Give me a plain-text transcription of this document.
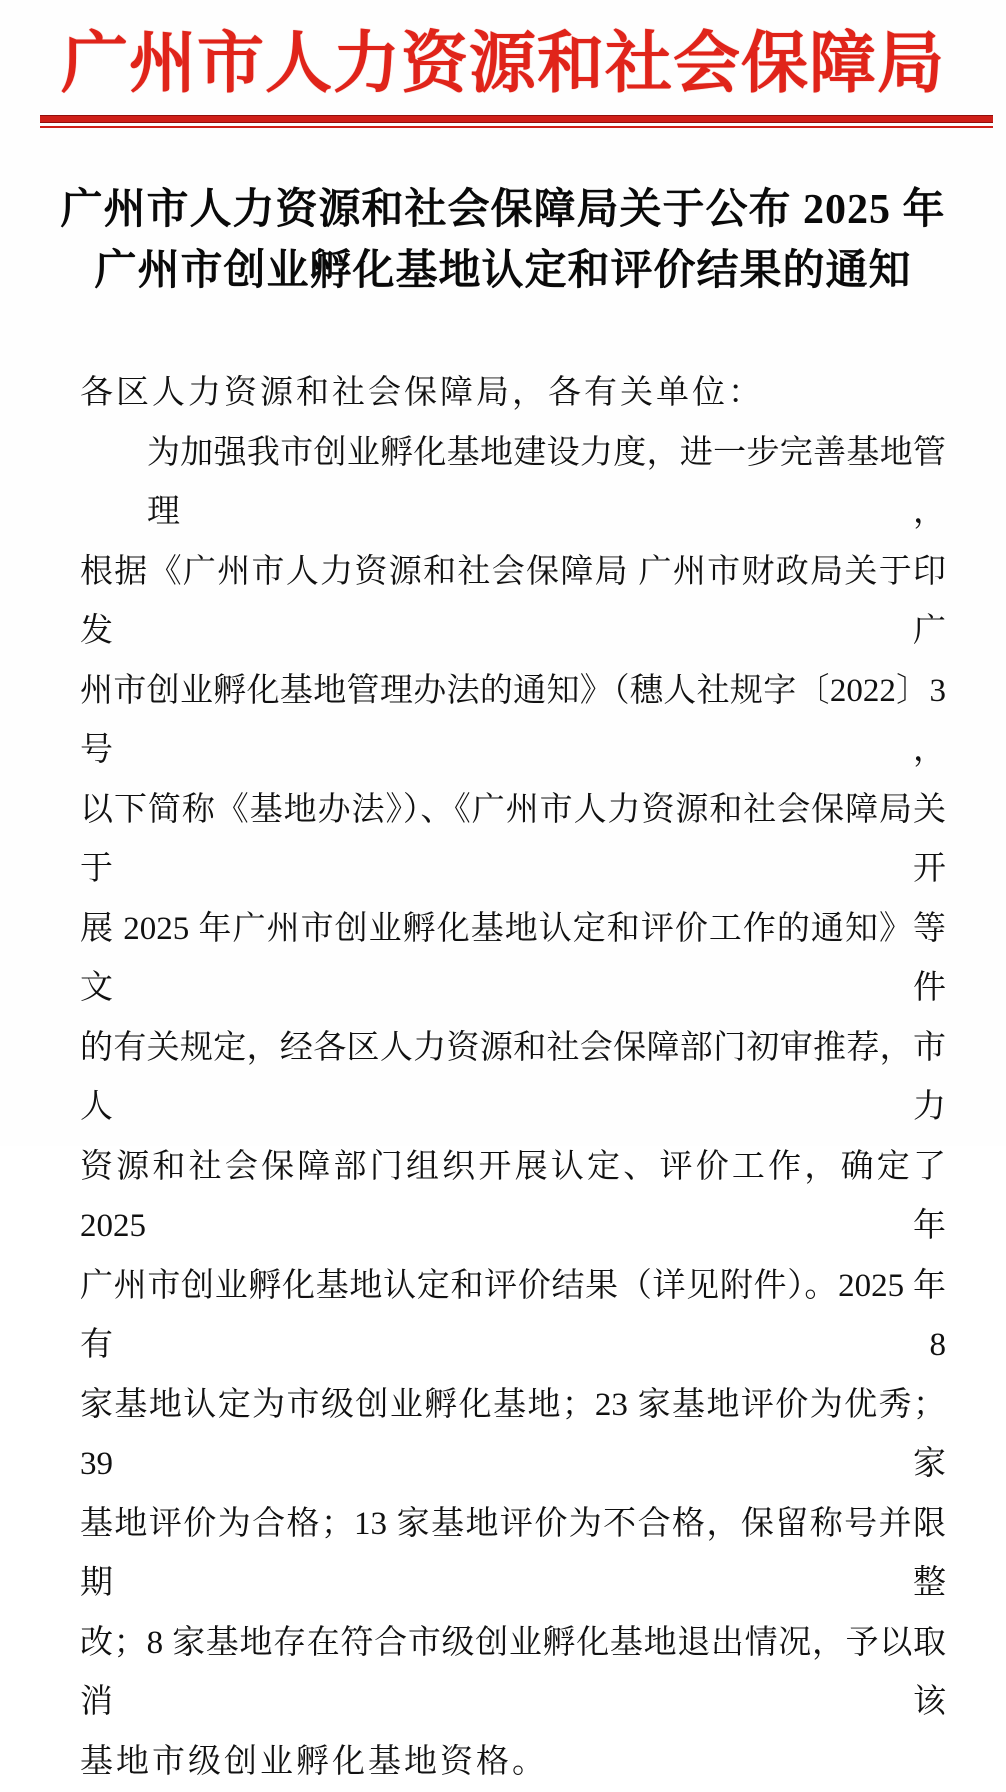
广州市人力资源和社会保障局
广州市人力资源和社会保障局关于公布 2025 年
广州市创业孵化基地认定和评价结果的通知

各区人力资源和社会保障局，各有关单位：

为加强我市创业孵化基地建设力度，进一步完善基地管理，

根据《广州市人力资源和社会保障局 广州市财政局关于印发广

州市创业孵化基地管理办法的通知》（穗人社规字〔2022〕3 号，

以下简称《基地办法》）、《广州市人力资源和社会保障局关于开

展 2025 年广州市创业孵化基地认定和评价工作的通知》等文件

的有关规定，经各区人力资源和社会保障部门初审推荐，市人力

资源和社会保障部门组织开展认定、评价工作，确定了 2025 年

广州市创业孵化基地认定和评价结果（详见附件）。2025 年有 8

家基地认定为市级创业孵化基地；23 家基地评价为优秀；39 家

基地评价为合格；13 家基地评价为不合格，保留称号并限期整

改；8 家基地存在符合市级创业孵化基地退出情况，予以取消该

基地市级创业孵化基地资格。
